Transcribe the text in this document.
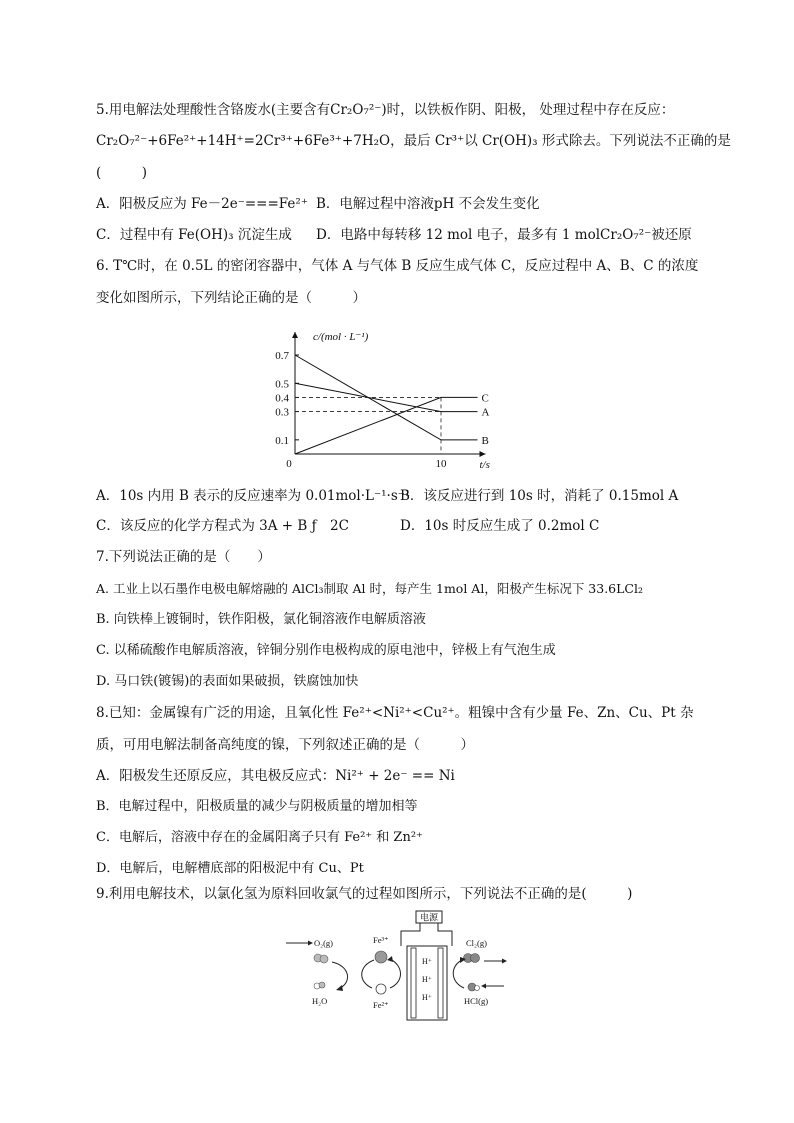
5.用电解法处理酸性含铬废水(主要含有Cr₂O₇²⁻)时，以铁板作阴、阳极， 处理过程中存在反应：
Cr₂O₇²⁻+6Fe²⁺+14H⁺=2Cr³⁺+6Fe³⁺+7H₂O，最后 Cr³⁺以 Cr(OH)₃ 形式除去。下列说法不正确的是
(　　　)
A．阳极反应为 Fe－2e⁻===Fe²⁺ B．电解过程中溶液pH 不会发生变化
C．过程中有 Fe(OH)₃ 沉淀生成 D．电路中每转移 12 mol 电子，最多有 1 molCr₂O₇²⁻被还原
6. T℃时，在 0.5L 的密闭容器中，气体 A 与气体 B 反应生成气体 C，反应过程中 A、B、C 的浓度
变化如图所示，下列结论正确的是（　　　）
c/(mol · L⁻¹)
t/s
0
0.1
0.3
0.4
0.5
0.7
10
A
B
C
A．10s 内用 B 表示的反应速率为 0.01mol·L⁻¹·s⁻¹
B．该反应进行到 10s 时，消耗了 0.15mol A
C．该反应的化学方程式为 3A + B ƒ　2C	D．10s 时反应生成了 0.2mol C
7.下列说法正确的是（　　）
A. 工业上以石墨作电极电解熔融的 AlCl₃制取 Al 时，每产生 1mol Al，阳极产生标况下 33.6LCl₂
B. 向铁棒上镀铜时，铁作阳极，氯化铜溶液作电解质溶液
C. 以稀硫酸作电解质溶液，锌铜分别作电极构成的原电池中，锌极上有气泡生成
D. 马口铁(镀锡)的表面如果破损，铁腐蚀加快
8.已知：金属镍有广泛的用途，且氧化性 Fe²⁺<Ni²⁺<Cu²⁺。粗镍中含有少量 Fe、Zn、Cu、Pt 杂
质，可用电解法制备高纯度的镍，下列叙述正确的是（　　　）
A．阳极发生还原反应，其电极反应式：Ni²⁺ + 2e⁻ == Ni
B．电解过程中，阳极质量的减少与阴极质量的增加相等
C．电解后，溶液中存在的金属阳离子只有 Fe²⁺ 和 Zn²⁺
D．电解后，电解槽底部的阳极泥中有 Cu、Pt
9.利用电解技术，以氯化氢为原料回收氯气的过程如图所示，下列说法不正确的是(　　　)
电源
H⁺
H⁺
H⁺
O₂(g)
H₂O
Fe³⁺
Fe²⁺
Cl₂(g)
HCl(g)
